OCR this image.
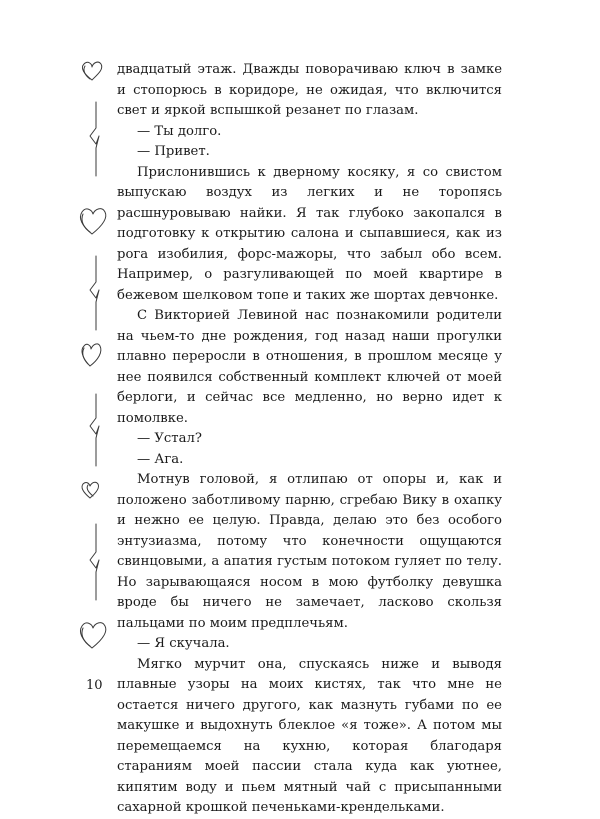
двадцатый этаж. Дважды поворачиваю ключ в замке и стопорюсь в коридоре, не ожидая, что включится свет и яркой вспышкой резанет по глазам.

— Ты долго.

— Привет.

Прислонившись к дверному косяку, я со свистом выпускаю воздух из легких и не торопясь расшнуровываю найки. Я так глубоко закопался в подготовку к открытию салона и сыпавшиеся, как из рога изобилия, форс-мажоры, что забыл обо всем. Например, о разгуливающей по моей квартире в бежевом шелковом топе и таких же шортах девчонке.

С Викторией Левиной нас познакомили родители на чьем-то дне рождения, год назад наши прогулки плавно переросли в отношения, в прошлом месяце у нее появился собственный комплект ключей от моей берлоги, и сейчас все медленно, но верно идет к помолвке.

— Устал?

— Ага.

Мотнув головой, я отлипаю от опоры и, как и положено заботливому парню, сгребаю Вику в охапку и нежно ее целую. Правда, делаю это без особого энтузиазма, потому что конечности ощущаются свинцовыми, а апатия густым потоком гуляет по телу. Но зарывающаяся носом в мою футболку девушка вроде бы ничего не замечает, ласково скользя пальцами по моим предплечьям.

— Я скучала.

Мягко мурчит она, спускаясь ниже и выводя плавные узоры на моих кистях, так что мне не остается ничего другого, как мазнуть губами по ее макушке и выдохнуть блеклое «я тоже». А потом мы перемещаемся на кухню, которая благодаря стараниям моей пассии стала куда как уютнее, кипятим воду и пьем мятный чай с присыпанными сахарной крошкой печеньками-крендельками.

10
